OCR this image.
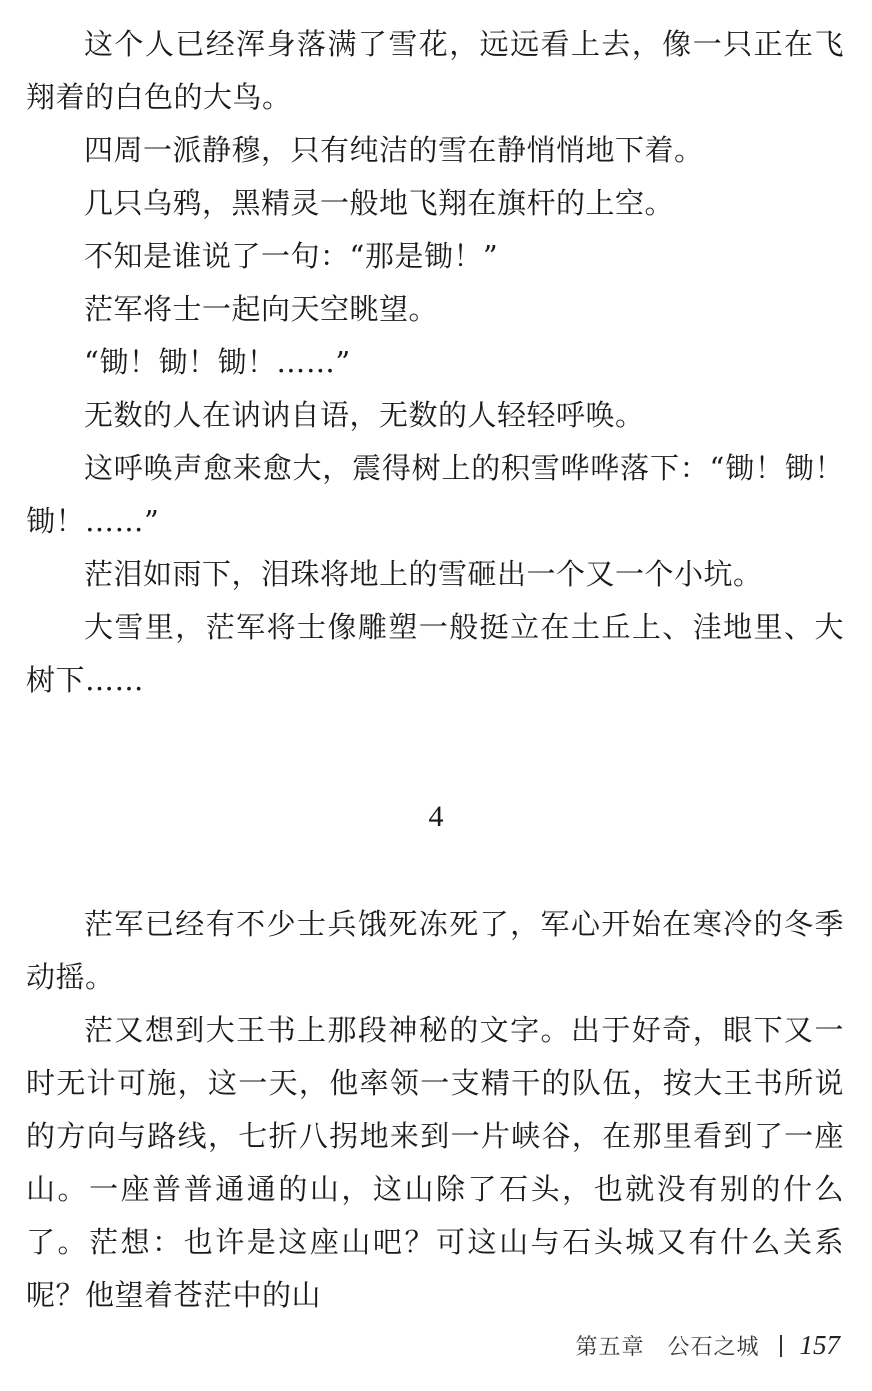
这个人已经浑身落满了雪花，远远看上去，像一只正在飞翔着的白色的大鸟。

四周一派静穆，只有纯洁的雪在静悄悄地下着。

几只乌鸦，黑精灵一般地飞翔在旗杆的上空。

不知是谁说了一句：“那是锄！”

茫军将士一起向天空眺望。

“锄！锄！锄！……”

无数的人在讷讷自语，无数的人轻轻呼唤。

这呼唤声愈来愈大，震得树上的积雪哗哗落下：“锄！锄！锄！……”

茫泪如雨下，泪珠将地上的雪砸出一个又一个小坑。

大雪里，茫军将士像雕塑一般挺立在土丘上、洼地里、大树下……

4

茫军已经有不少士兵饿死冻死了，军心开始在寒冷的冬季动摇。

茫又想到大王书上那段神秘的文字。出于好奇，眼下又一时无计可施，这一天，他率领一支精干的队伍，按大王书所说的方向与路线，七折八拐地来到一片峡谷，在那里看到了一座山。一座普普通通的山，这山除了石头，也就没有别的什么了。茫想：也许是这座山吧？可这山与石头城又有什么关系呢？他望着苍茫中的山

第五章　公石之城 157
